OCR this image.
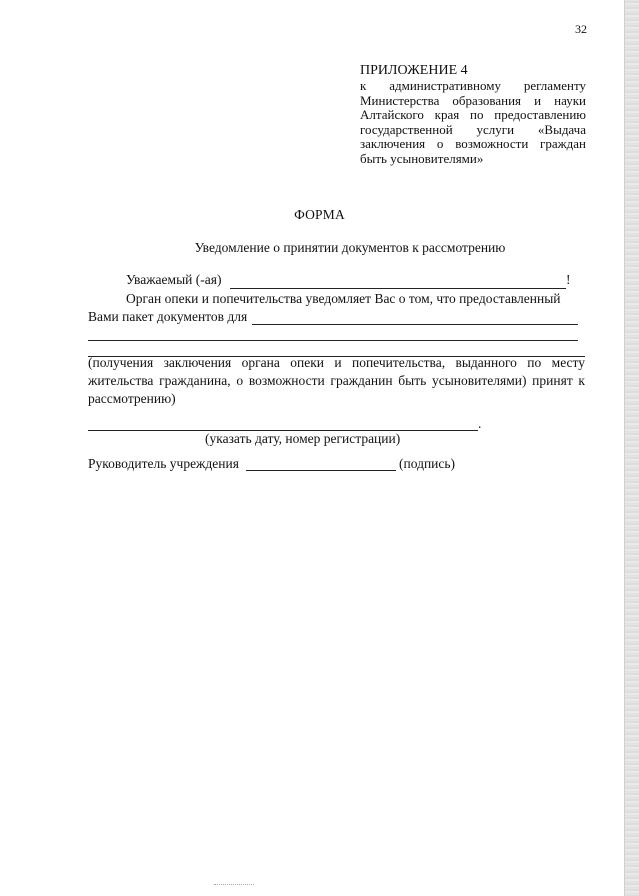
32
ПРИЛОЖЕНИЕ 4
к административному регламенту Министерства образования и науки Алтайского края по предоставлению государственной услуги «Выдача заключения о возможности граждан быть усыновителями»
ФОРМА
Уведомление о принятии документов к рассмотрению
Уважаемый (-ая)	!
Орган опеки и попечительства уведомляет Вас о том, что предоставленный
Вами пакет документов для
(получения заключения органа опеки и попечительства, выданного по месту жительства гражданина, о возможности гражданин быть усыновителями) принят к рассмотрению)
.
(указать дату, номер регистрации)
Руководитель учреждения	(подпись)
